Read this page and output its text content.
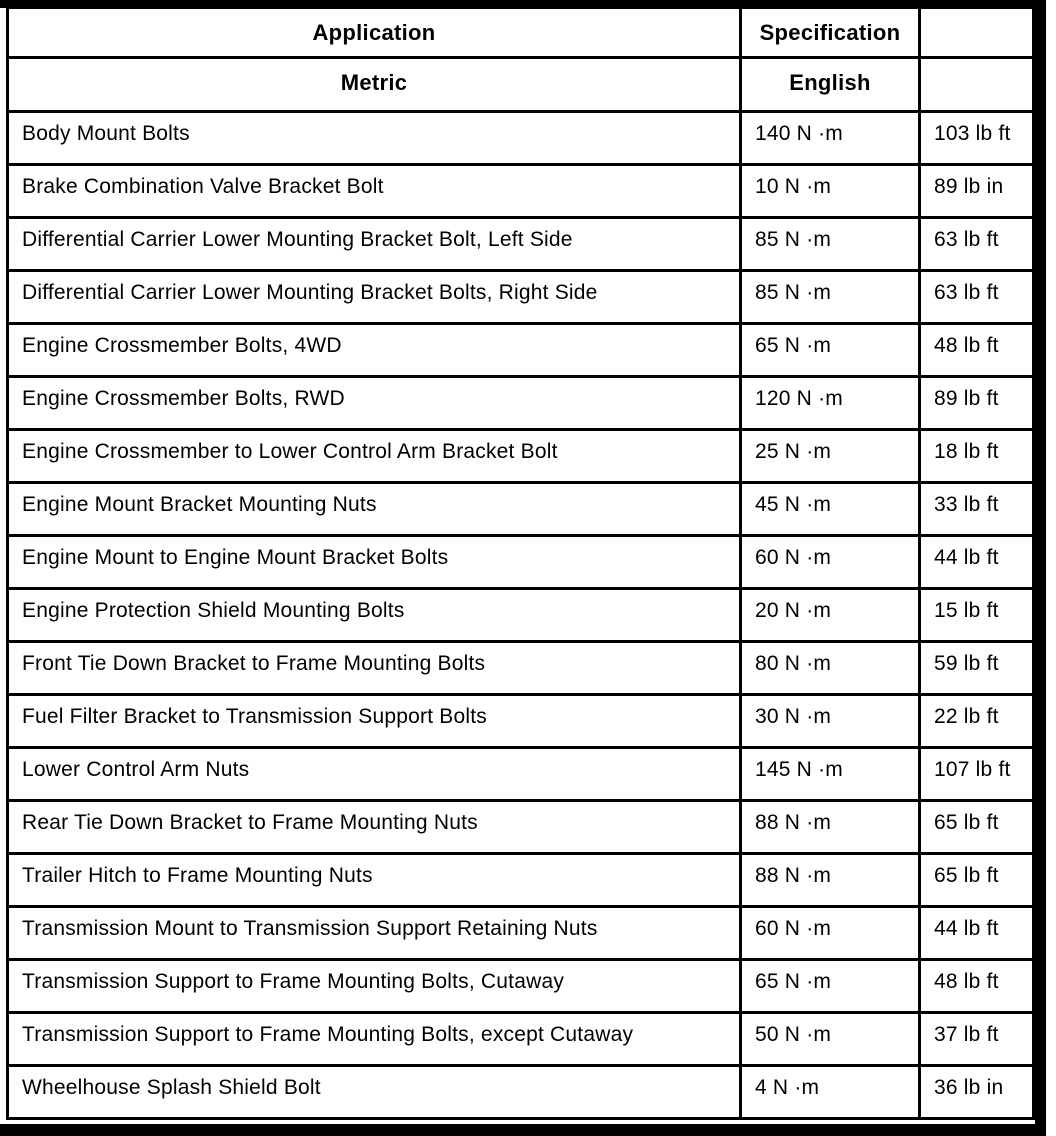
Application	Specification	
Metric	English	
Body Mount Bolts	140 N ·m	103 lb ft
Brake Combination Valve Bracket Bolt	10 N ·m	89 lb in
Differential Carrier Lower Mounting Bracket Bolt, Left Side	85 N ·m	63 lb ft
Differential Carrier Lower Mounting Bracket Bolts, Right Side	85 N ·m	63 lb ft
Engine Crossmember Bolts, 4WD	65 N ·m	48 lb ft
Engine Crossmember Bolts, RWD	120 N ·m	89 lb ft
Engine Crossmember to Lower Control Arm Bracket Bolt	25 N ·m	18 lb ft
Engine Mount Bracket Mounting Nuts	45 N ·m	33 lb ft
Engine Mount to Engine Mount Bracket Bolts	60 N ·m	44 lb ft
Engine Protection Shield Mounting Bolts	20 N ·m	15 lb ft
Front Tie Down Bracket to Frame Mounting Bolts	80 N ·m	59 lb ft
Fuel Filter Bracket to Transmission Support Bolts	30 N ·m	22 lb ft
Lower Control Arm Nuts	145 N ·m	107 lb ft
Rear Tie Down Bracket to Frame Mounting Nuts	88 N ·m	65 lb ft
Trailer Hitch to Frame Mounting Nuts	88 N ·m	65 lb ft
Transmission Mount to Transmission Support Retaining Nuts	60 N ·m	44 lb ft
Transmission Support to Frame Mounting Bolts, Cutaway	65 N ·m	48 lb ft
Transmission Support to Frame Mounting Bolts, except Cutaway	50 N ·m	37 lb ft
Wheelhouse Splash Shield Bolt	4 N ·m	36 lb in
